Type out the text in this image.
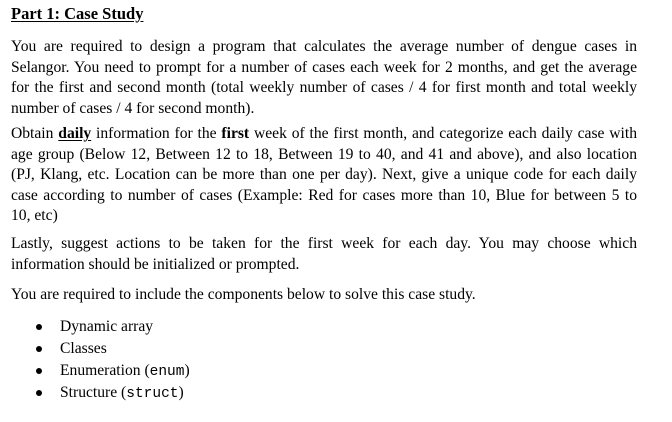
Part 1: Case Study
You are required to design a program that calculates the average number of dengue cases in
Selangor. You need to prompt for a number of cases each week for 2 months, and get the average
for the first and second month (total weekly number of cases / 4 for first month and total weekly
number of cases / 4 for second month).
Obtain daily information for the first week of the first month, and categorize each daily case with
age group (Below 12, Between 12 to 18, Between 19 to 40, and 41 and above), and also location
(PJ, Klang, etc. Location can be more than one per day). Next, give a unique code for each daily
case according to number of cases (Example: Red for cases more than 10, Blue for between 5 to
10, etc)
Lastly, suggest actions to be taken for the first week for each day. You may choose which
information should be initialized or prompted.
You are required to include the components below to solve this case study.
Dynamic array
Classes
Enumeration (enum)
Structure (struct)
